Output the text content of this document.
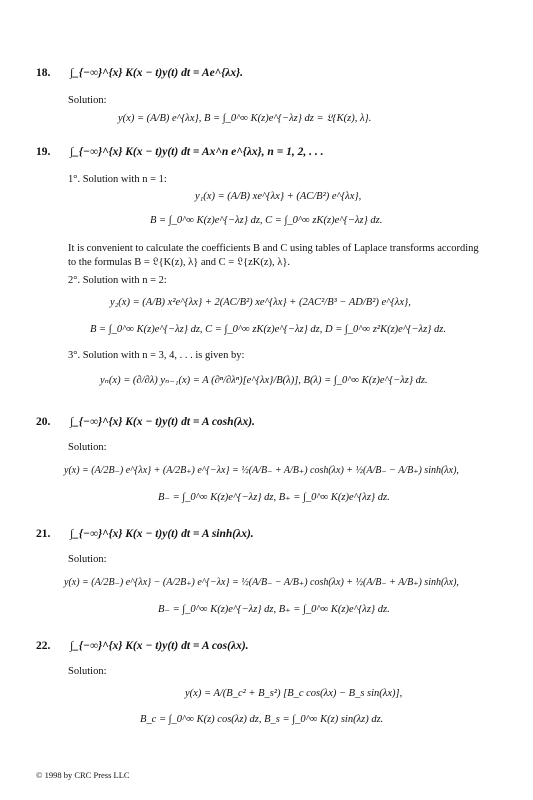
18. ∫_{−∞}^{x} K(x − t)y(t) dt = Ae^{λx}.
Solution:
y(x) = (A/B) e^{λx}, B = ∫_0^∞ K(z)e^{−λz} dz = 𝔏{K(z), λ}.
19. ∫_{−∞}^{x} K(x − t)y(t) dt = Ax^n e^{λx}, n = 1, 2, . . .
1°. Solution with n = 1:
y₁(x) = (A/B) xe^{λx} + (AC/B²) e^{λx},
B = ∫_0^∞ K(z)e^{−λz} dz, C = ∫_0^∞ zK(z)e^{−λz} dz.
It is convenient to calculate the coefficients B and C using tables of Laplace transforms according to the formulas B = 𝔏{K(z), λ} and C = 𝔏{zK(z), λ}.
2°. Solution with n = 2:
y₂(x) = (A/B) x²e^{λx} + 2(AC/B²) xe^{λx} + (2AC²/B³ − AD/B²) e^{λx},
B = ∫_0^∞ K(z)e^{−λz} dz, C = ∫_0^∞ zK(z)e^{−λz} dz, D = ∫_0^∞ z²K(z)e^{−λz} dz.
3°. Solution with n = 3, 4, . . . is given by:
yₙ(x) = (∂/∂λ) yₙ₋₁(x) = A (∂ⁿ/∂λⁿ)[e^{λx}/B(λ)], B(λ) = ∫_0^∞ K(z)e^{−λz} dz.
20. ∫_{−∞}^{x} K(x − t)y(t) dt = A cosh(λx).
Solution:
y(x) = (A/2B₋) e^{λx} + (A/2B₊) e^{−λx} = ½(A/B₋ + A/B₊) cosh(λx) + ½(A/B₋ − A/B₊) sinh(λx),
B₋ = ∫_0^∞ K(z)e^{−λz} dz, B₊ = ∫_0^∞ K(z)e^{λz} dz.
21. ∫_{−∞}^{x} K(x − t)y(t) dt = A sinh(λx).
Solution:
y(x) = (A/2B₋) e^{λx} − (A/2B₊) e^{−λx} = ½(A/B₋ − A/B₊) cosh(λx) + ½(A/B₋ + A/B₊) sinh(λx),
B₋ = ∫_0^∞ K(z)e^{−λz} dz, B₊ = ∫_0^∞ K(z)e^{λz} dz.
22. ∫_{−∞}^{x} K(x − t)y(t) dt = A cos(λx).
Solution:
y(x) = A/(B_c² + B_s²) [B_c cos(λx) − B_s sin(λx)],
B_c = ∫_0^∞ K(z) cos(λz) dz, B_s = ∫_0^∞ K(z) sin(λz) dz.
© 1998 by CRC Press LLC
